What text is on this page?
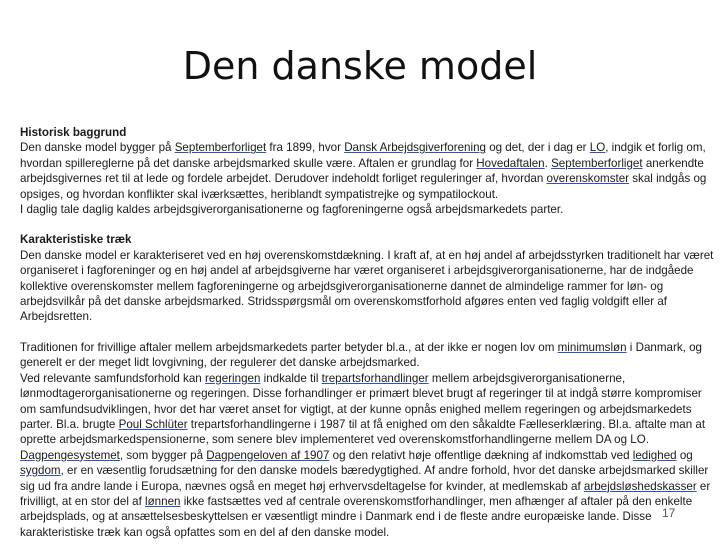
Den danske model

Historisk baggrund
Den danske model bygger på Septemberforliget fra 1899, hvor Dansk Arbejdsgiverforening og det, der i dag er LO, indgik et forlig om, hvordan spillereglerne på det danske arbejdsmarked skulle være. Aftalen er grundlag for Hovedaftalen. Septemberforliget anerkendte arbejdsgivernes ret til at lede og fordele arbejdet. Derudover indeholdt forliget reguleringer af, hvordan overenskomster skal indgås og opsiges, og hvordan konflikter skal iværksættes, heriblandt sympatistrejke og sympatilockout.
I daglig tale daglig kaldes arbejdsgiverorganisationerne og fagforeningerne også arbejdsmarkedets parter.

Karakteristiske træk
Den danske model er karakteriseret ved en høj overenskomstdækning. I kraft af, at en høj andel af arbejdsstyrken traditionelt har været organiseret i fagforeninger og en høj andel af arbejdsgiverne har været organiseret i arbejdsgiverorganisationerne, har de indgåede kollektive overenskomster mellem fagforeningerne og arbejdsgiverorganisationerne dannet de almindelige rammer for løn- og arbejdsvilkår på det danske arbejdsmarked. Stridsspørgsmål om overenskomstforhold afgøres enten ved faglig voldgift eller af Arbejdsretten.

Traditionen for frivillige aftaler mellem arbejdsmarkedets parter betyder bl.a., at der ikke er nogen lov om minimumsløn i Danmark, og generelt er der meget lidt lovgivning, der regulerer det danske arbejdsmarked.
Ved relevante samfundsforhold kan regeringen indkalde til trepartsforhandlinger mellem arbejdsgiverorganisationerne, lønmodtagerorganisationerne og regeringen. Disse forhandlinger er primært blevet brugt af regeringer til at indgå større kompromiser om samfundsudviklingen, hvor det har været anset for vigtigt, at der kunne opnås enighed mellem regeringen og arbejdsmarkedets parter. Bl.a. brugte Poul Schlüter trepartsforhandlingerne i 1987 til at få enighed om den såkaldte Fælleserklæring. Bl.a. aftalte man at oprette arbejdsmarkedspensionerne, som senere blev implementeret ved overenskomstforhandlingerne mellem DA og LO. Dagpengesystemet, som bygger på Dagpengeloven af 1907 og den relativt høje offentlige dækning af indkomsttab ved ledighed og sygdom, er en væsentlig forudsætning for den danske models bæredygtighed. Af andre forhold, hvor det danske arbejdsmarked skiller sig ud fra andre lande i Europa, nævnes også en meget høj erhvervsdeltagelse for kvinder, at medlemskab af arbejdsløshedskasser er frivilligt, at en stor del af lønnen ikke fastsættes ved af centrale overenskomstforhandlinger, men afhænger af aftaler på den enkelte arbejdsplads, og at ansættelsesbeskyttelsen er væsentligt mindre i Danmark end i de fleste andre europæiske lande. Disse karakteristiske træk kan også opfattes som en del af den danske model.

17
